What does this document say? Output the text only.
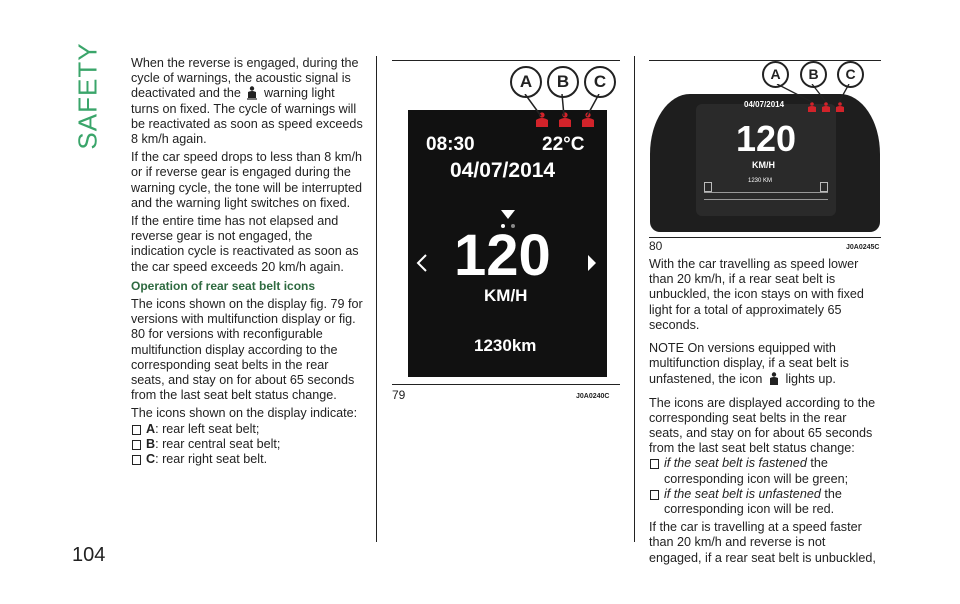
SAFETY
104

When the reverse is engaged, during the cycle of warnings, the acoustic signal is deactivated and the warning light turns on fixed. The cycle of warnings will be reactivated as soon as speed exceeds 8 km/h again.

If the car speed drops to less than 8 km/h or if reverse gear is engaged during the warning cycle, the tone will be interrupted and the warning light switches on fixed.

If the entire time has not elapsed and reverse gear is not engaged, the indication cycle is reactivated as soon as the car speed exceeds 20 km/h again.

Operation of rear seat belt icons

The icons shown on the display fig. 79 for versions with multifunction display or fig. 80 for versions with reconfigurable multifunction display according to the corresponding seat belts in the rear seats, and stay on for about 65 seconds from the last seat belt status change.

The icons shown on the display indicate:

A: rear left seat belt;
B: rear central seat belt;
C: rear right seat belt.
08:30	22°C
04/07/2014
120
KM/H
1230km
A	B	C
79	J0A0240C
04/07/2014
120
KM/H
1230 KM
A	B	C
80	J0A0245C

With the car travelling as speed lower than 20 km/h, if a rear seat belt is unbuckled, the icon stays on with fixed light for a total of approximately 65 seconds.

NOTE On versions equipped with multifunction display, if a seat belt is unfastened, the icon lights up.

The icons are displayed according to the corresponding seat belts in the rear seats, and stay on for about 65 seconds from the last seat belt status change:

if the seat belt is fastened the corresponding icon will be green;
if the seat belt is unfastened the corresponding icon will be red.

If the car is travelling at a speed faster than 20 km/h and reverse is not engaged, if a rear seat belt is unbuckled,
